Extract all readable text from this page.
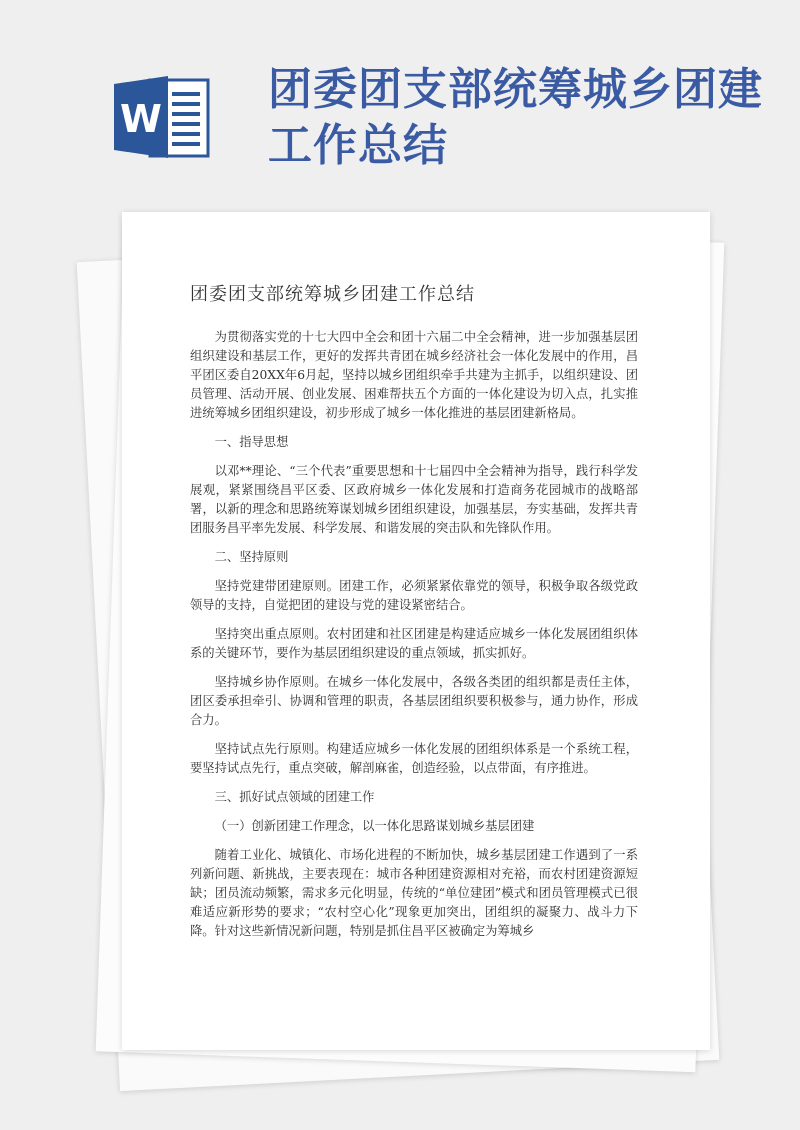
W
团委团支部统筹城乡团建工作总结
团委团支部统筹城乡团建工作总结

为贯彻落实党的十七大四中全会和团十六届二中全会精神，进一步加强基层团组织建设和基层工作，更好的发挥共青团在城乡经济社会一体化发展中的作用，昌平团区委自20XX年6月起，坚持以城乡团组织牵手共建为主抓手，以组织建设、团员管理、活动开展、创业发展、困难帮扶五个方面的一体化建设为切入点，扎实推进统筹城乡团组织建设，初步形成了城乡一体化推进的基层团建新格局。

一、指导思想

以邓**理论、“三个代表”重要思想和十七届四中全会精神为指导，践行科学发展观，紧紧围绕昌平区委、区政府城乡一体化发展和打造商务花园城市的战略部署，以新的理念和思路统筹谋划城乡团组织建设，加强基层，夯实基础，发挥共青团服务昌平率先发展、科学发展、和谐发展的突击队和先锋队作用。

二、坚持原则

坚持党建带团建原则。团建工作，必须紧紧依靠党的领导，积极争取各级党政领导的支持，自觉把团的建设与党的建设紧密结合。

坚持突出重点原则。农村团建和社区团建是构建适应城乡一体化发展团组织体系的关键环节，要作为基层团组织建设的重点领域，抓实抓好。

坚持城乡协作原则。在城乡一体化发展中，各级各类团的组织都是责任主体，团区委承担牵引、协调和管理的职责，各基层团组织要积极参与，通力协作，形成合力。

坚持试点先行原则。构建适应城乡一体化发展的团组织体系是一个系统工程，要坚持试点先行，重点突破，解剖麻雀，创造经验，以点带面，有序推进。

三、抓好试点领域的团建工作

（一）创新团建工作理念，以一体化思路谋划城乡基层团建

随着工业化、城镇化、市场化进程的不断加快，城乡基层团建工作遇到了一系列新问题、新挑战，主要表现在：城市各种团建资源相对充裕，而农村团建资源短缺；团员流动频繁，需求多元化明显，传统的“单位建团”模式和团员管理模式已很难适应新形势的要求；“农村空心化”现象更加突出，团组织的凝聚力、战斗力下降。针对这些新情况新问题，特别是抓住昌平区被确定为筹城乡
